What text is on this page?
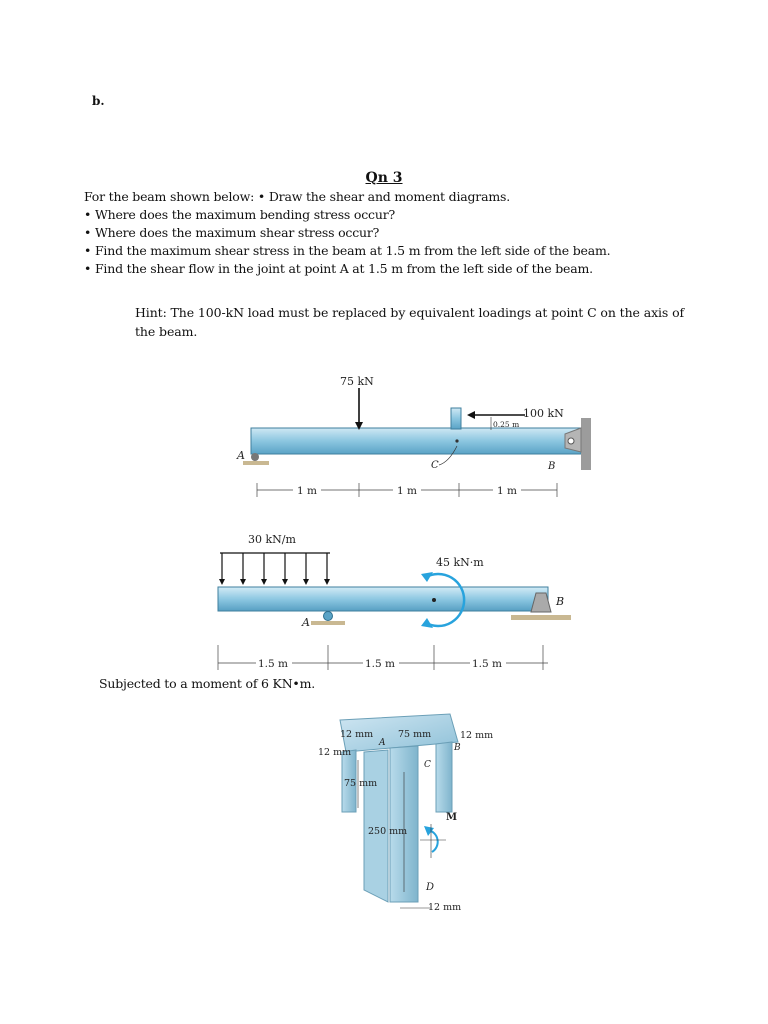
b.
Qn 3
For the beam shown below: • Draw the shear and moment diagrams.
• Where does the maximum bending stress occur?
• Where does the maximum shear stress occur?
• Find the maximum shear stress in the beam at 1.5 m from the left side of the beam.
• Find the shear flow in the joint at point A at 1.5 m from the left side of the beam.
Hint: The 100-kN load must be replaced by equivalent loadings at point C on the axis of the beam.
75 kN
100 kN
0.25 m
A
B
C
1 m	1 m	1 m
30 kN/m
45 kN·m
A
B
1.5 m	1.5 m	1.5 m
Subjected to a moment of 6 KN•m.
12 mm	75 mm	12 mm
12 mm
75 mm
250 mm
12 mm
A	B
C
D
M
